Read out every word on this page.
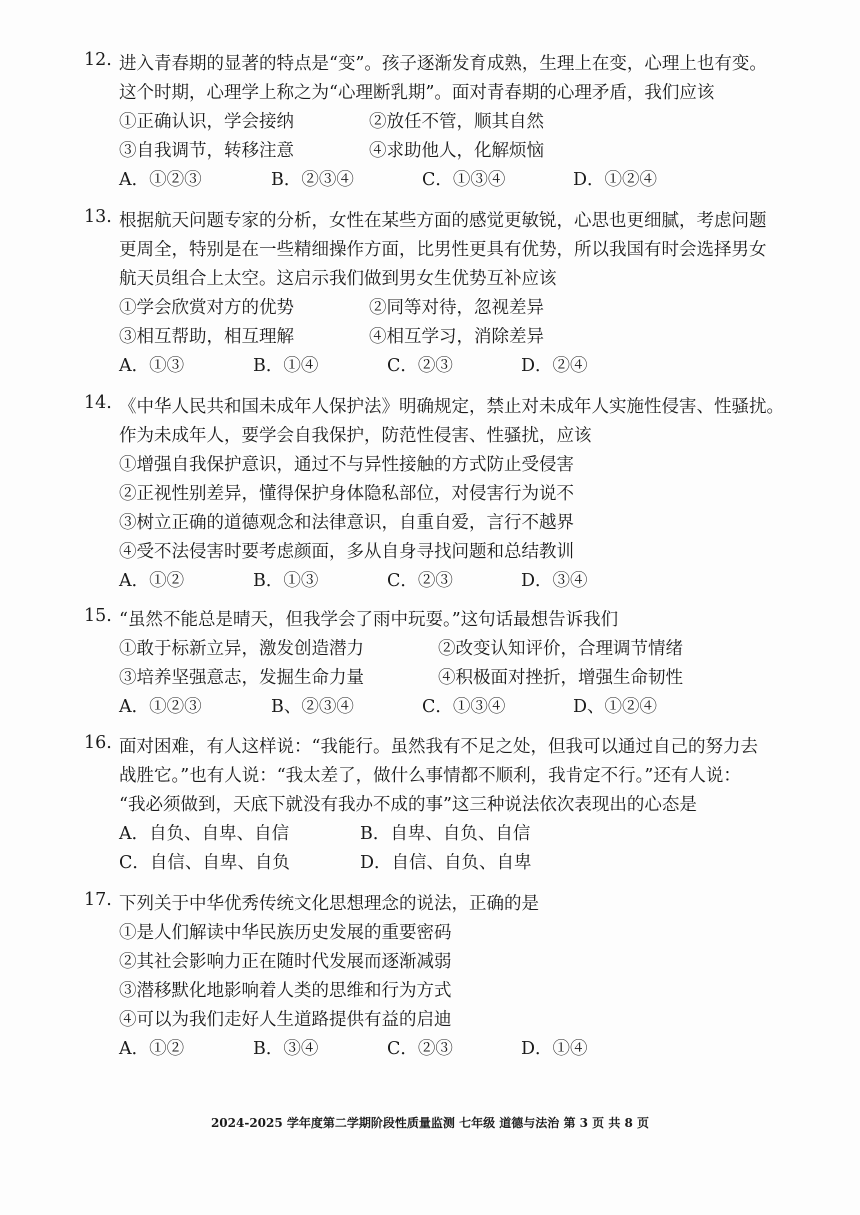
12. 进入青春期的显著的特点是“变”。孩子逐渐发育成熟，生理上在变，心理上也有变。
这个时期，心理学上称之为“心理断乳期”。面对青春期的心理矛盾，我们应该
①正确认识，学会接纳	②放任不管，顺其自然
③自我调节，转移注意	④求助他人，化解烦恼
A．①②③	B．②③④	C．①③④	D．①②④
13. 根据航天问题专家的分析，女性在某些方面的感觉更敏锐，心思也更细腻，考虑问题
更周全，特别是在一些精细操作方面，比男性更具有优势，所以我国有时会选择男女
航天员组合上太空。这启示我们做到男女生优势互补应该
①学会欣赏对方的优势	②同等对待，忽视差异
③相互帮助，相互理解	④相互学习，消除差异
A．①③	B．①④	C．②③	D．②④
14. 《中华人民共和国未成年人保护法》明确规定，禁止对未成年人实施性侵害、性骚扰。
作为未成年人，要学会自我保护，防范性侵害、性骚扰，应该
①增强自我保护意识，通过不与异性接触的方式防止受侵害
②正视性别差异，懂得保护身体隐私部位，对侵害行为说不
③树立正确的道德观念和法律意识，自重自爱，言行不越界
④受不法侵害时要考虑颜面，多从自身寻找问题和总结教训
A．①②	B．①③	C．②③	D．③④
15. “虽然不能总是晴天，但我学会了雨中玩耍。”这句话最想告诉我们
①敢于标新立异，激发创造潜力	②改变认知评价，合理调节情绪
③培养坚强意志，发掘生命力量	④积极面对挫折，增强生命韧性
A．①②③	B、②③④	C．①③④	D、①②④
16. 面对困难，有人这样说：“我能行。虽然我有不足之处，但我可以通过自己的努力去
战胜它。”也有人说：“我太差了，做什么事情都不顺利，我肯定不行。”还有人说：
“我必须做到，天底下就没有我办不成的事”这三种说法依次表现出的心态是
A．自负、自卑、自信	B．自卑、自负、自信
C．自信、自卑、自负	D．自信、自负、自卑
17. 下列关于中华优秀传统文化思想理念的说法，正确的是
①是人们解读中华民族历史发展的重要密码
②其社会影响力正在随时代发展而逐渐减弱
③潜移默化地影响着人类的思维和行为方式
④可以为我们走好人生道路提供有益的启迪
A．①②	B．③④	C．②③	D．①④
2024-2025 学年度第二学期阶段性质量监测 七年级 道德与法治 第 3 页 共 8 页
